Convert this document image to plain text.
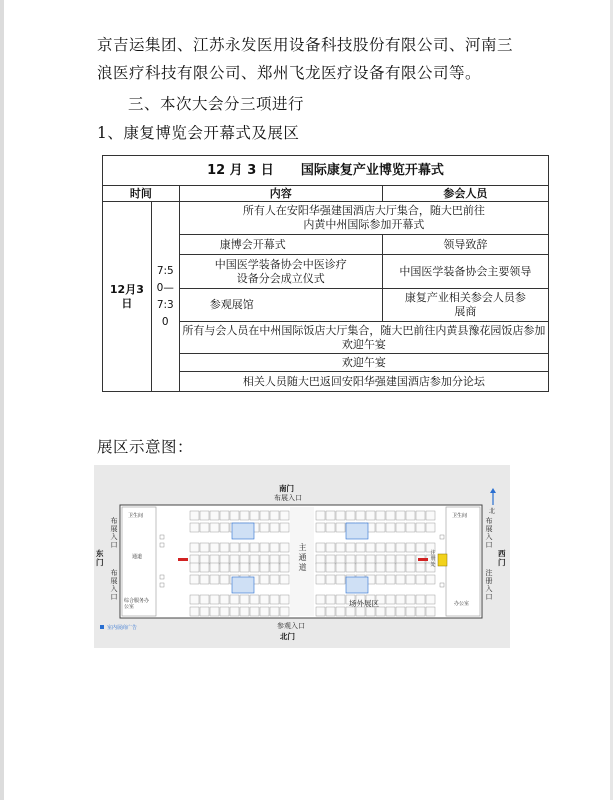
京吉运集团、江苏永发医用设备科技股份有限公司、河南三
浪医疗科技有限公司、郑州飞龙医疗设备有限公司等。
三、本次大会分三项进行
1、康复博览会开幕式及展区
12 月 3 日      国际康复产业博览开幕式			
时间		内容	参会人员
12月3日	7:50—7:30	所有人在安阳华强建国酒店大厅集合，随大巴前往内黄中州国际参加开幕式	
		康博会开幕式	领导致辞
		中国医学装备协会中医诊疗设备分会成立仪式	中国医学装备协会主要领导
		参观展馆	康复产业相关参会人员参展商
		所有与会人员在中州国际饭店大厅集合，随大巴前往内黄县豫花园饭店参加欢迎午宴	
		欢迎午宴	
		相关人员随大巴返回安阳华强建国酒店参加分论坛	
展区示意图：
南门
布展入口
参观入口
北门
布展入口
东门
布展入口
布展入口
西门
注册入口
北
主通道
场外展区
卫生间	卫生间
通道
注册处
办公室
综合服务办公室
室内展商广告
